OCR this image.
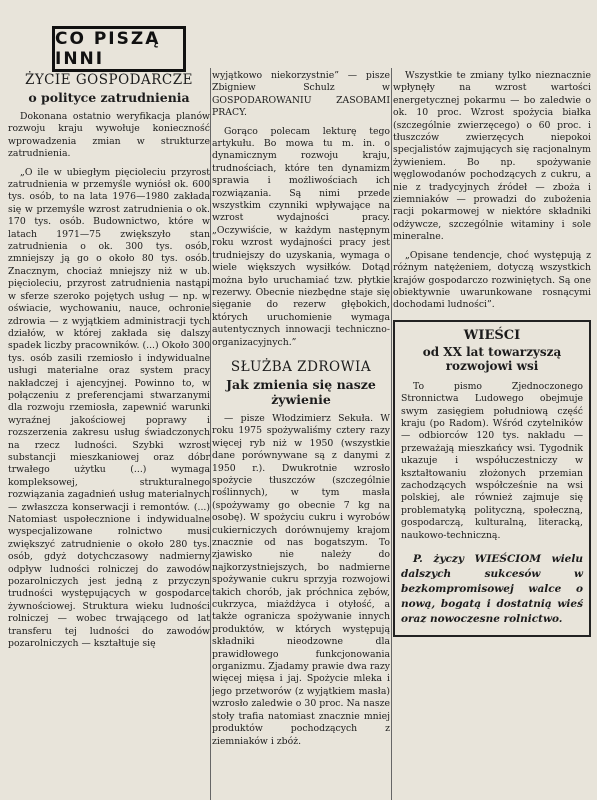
CO PISZĄ INNI
ŻYCIE GOSPODARCZE
o polityce zatrudnienia

Dokonana ostatnio weryfikacja planów rozwoju kraju wywołuje konieczność wprowadzenia zmian w strukturze zatrudnienia.

„O ile w ubiegłym pięcioleciu przyrost zatrudnienia w przemyśle wyniósł ok. 600 tys. osób, to na lata 1976—1980 zakłada się w przemyśle wzrost zatrudnienia o ok. 170 tys. osób. Budownictwo, które w latach 1971—75 zwiększyło stan zatrudnienia o ok. 300 tys. osób, zmniejszy ją go o około 80 tys. osób. Znacznym, chociaż mniejszy niż w ub. pięcioleciu, przyrost zatrudnienia nastąpi w sferze szeroko pojętych usług — np. w oświacie, wychowaniu, nauce, ochronie zdrowia — z wyjątkiem administracji tych działów, w której zakłada się dalszy spadek liczby pracowników. (...) Około 300 tys. osób zasili rzemiosło i indywidualne usługi materialne oraz system pracy nakładczej i ajencyjnej. Powinno to, w połączeniu z preferencjami stwarzanymi dla rozwoju rzemiosła, zapewnić warunki wyraźnej jakościowej poprawy i rozszerzenia zakresu usług świadczonych na rzecz ludności. Szybki wzrost substancji mieszkaniowej oraz dóbr trwałego użytku (...) wymaga kompleksowej, strukturalnego rozwiązania zagadnień usług materialnych — zwłaszcza konserwacji i remontów. (...) Natomiast uspołecznione i indywidualne wyspecjalizowane rolnictwo musi zwiększyć zatrudnienie o około 280 tys. osób, gdyż dotychczasowy nadmierny odpływ ludności rolniczej do zawodów pozarolniczych jest jedną z przyczyn trudności występujących w gospodarce żywnościowej. Struktura wieku ludności rolniczej — wobec trwającego od lat transferu tej ludności do zawodów pozarolniczych — kształtuje się

wyjątkowo niekorzystnie” — pisze Zbigniew Schulz w GOSPODAROWANIU ZASOBAMI PRACY.

Gorąco polecam lekturę tego artykułu. Bo mowa tu m. in. o dynamicznym rozwoju kraju, trudnościach, które ten dynamizm sprawia i możliwościach ich rozwiązania. Są nimi przede wszystkim czynniki wpływające na wzrost wydajności pracy. „Oczywiście, w każdym następnym roku wzrost wydajności pracy jest trudniejszy do uzyskania, wymaga o wiele większych wysiłków. Dotąd można było uruchamiać tzw. płytkie rezerwy. Obecnie niezbędne staje się sięganie do rezerw głębokich, których uruchomienie wymaga autentycznych innowacji techniczno-organizacyjnych.”

SŁUŻBA ZDROWIA
Jak zmienia się nasze żywienie

— pisze Włodzimierz Sekuła. W roku 1975 spożywaliśmy cztery razy więcej ryb niż w 1950 (wszystkie dane porównywane są z danymi z 1950 r.). Dwukrotnie wzrosło spożycie tłuszczów (szczególnie roślinnych), w tym masła (spożywamy go obecnie 7 kg na osobę). W spożyciu cukru i wyrobów cukierniczych dorównujemy krajom znacznie od nas bogatszym. To zjawisko nie należy do najkorzystniejszych, bo nadmierne spożywanie cukru sprzyja rozwojowi takich chorób, jak próchnica zębów, cukrzyca, miażdżyca i otyłość, a także ogranicza spożywanie innych produktów, w których występują składniki nieodzowne dla prawidłowego funkcjonowania organizmu. Zjadamy prawie dwa razy więcej mięsa i jaj. Spożycie mleka i jego przetworów (z wyjątkiem masła) wzrosło zaledwie o 30 proc. Na nasze stoły trafia natomiast znacznie mniej produktów pochodzących z ziemniaków i zbóż.

Wszystkie te zmiany tylko nieznacznie wpłynęły na wzrost wartości energetycznej pokarmu — bo zaledwie o ok. 10 proc. Wzrost spożycia białka (szczególnie zwierzęcego) o 60 proc. i tłuszczów zwierzęcych niepokoi specjalistów zajmujących się racjonalnym żywieniem. Bo np. spożywanie węglowodanów pochodzących z cukru, a nie z tradycyjnych źródeł — zboża i ziemniaków — prowadzi do zubożenia racji pokarmowej w niektóre składniki odżywcze, szczególnie witaminy i sole mineralne.

„Opisane tendencje, choć występują z różnym natężeniem, dotyczą wszystkich krajów gospodarczo rozwiniętych. Są one obiektywnie uwarunkowane rosnącymi dochodami ludności”.

WIEŚCI
od XX lat towarzyszą rozwojowi wsi

To pismo Zjednoczonego Stronnictwa Ludowego obejmuje swym zasięgiem południową część kraju (po Radom). Wśród czytelników — odbiorców 120 tys. nakładu — przeważają mieszkańcy wsi. Tygodnik ukazuje i współuczestniczy w kształtowaniu złożonych przemian zachodzących współcześnie na wsi polskiej, ale również zajmuje się problematyką polityczną, społeczną, gospodarczą, kulturalną, literacką, naukowo-techniczną.

P. życzy WIEŚCIOM wielu dalszych sukcesów w bezkompromisowej walce o nową, bogatą i dostatnią wieś oraz nowoczesne rolnictwo.
